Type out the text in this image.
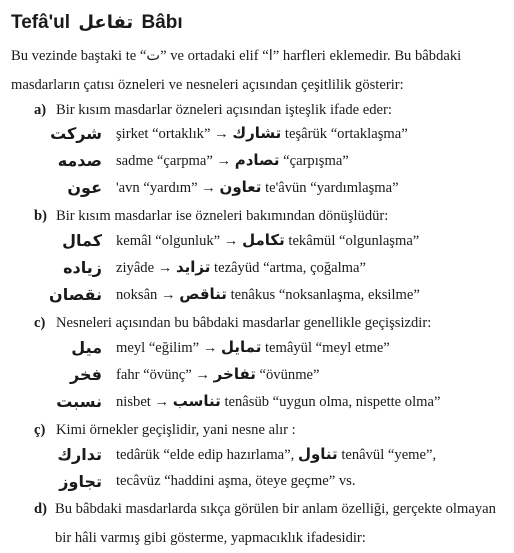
Tefâ'ul تفاعل Bâbı
Bu vezinde baştaki te “ت” ve ortadaki elif “ا” harfleri eklemedir. Bu bâbdaki masdarların çatısı özneleri ve nesneleri açısından çeşitlilik gösterir:
a) Bir kısım masdarlar özneleri açısından işteşlik ifade eder:
شركت şirket “ortaklık” → تشارك teşârük “ortaklaşma”
صدمه sadme “çarpma” → تصادم “çarpışma”
عون 'avn “yardım” → تعاون te'âvün “yardımlaşma”
b) Bir kısım masdarlar ise özneleri bakımından dönüşlüdür:
كمال kemâl “olgunluk” → تكامل tekâmül “olgunlaşma”
زياده ziyâde → تزايد tezâyüd “artma, çoğalma”
نقصان noksân → تناقص tenâkus “noksanlaşma, eksilme”
c) Nesneleri açısından bu bâbdaki masdarlar genellikle geçişsizdir:
ميل meyl “eğilim” → تمايل temâyül “meyl etme”
فخر fahr “övünç” → تفاخر “övünme”
نسبت nisbet → تناسب tenâsüb “uygun olma, nispette olma”
ç) Kimi örnekler geçişlidir, yani nesne alır :
تدارك tedârük “elde edip hazırlama”, تناول tenâvül “yeme”,
تجاوز tecâvüz “haddini aşma, öteye geçme” vs.
d) Bu bâbdaki masdarlarda sıkça görülen bir anlam özelliği, gerçekte olmayan bir hâli varmış gibi gösterme, yapmacıklık ifadesidir:
